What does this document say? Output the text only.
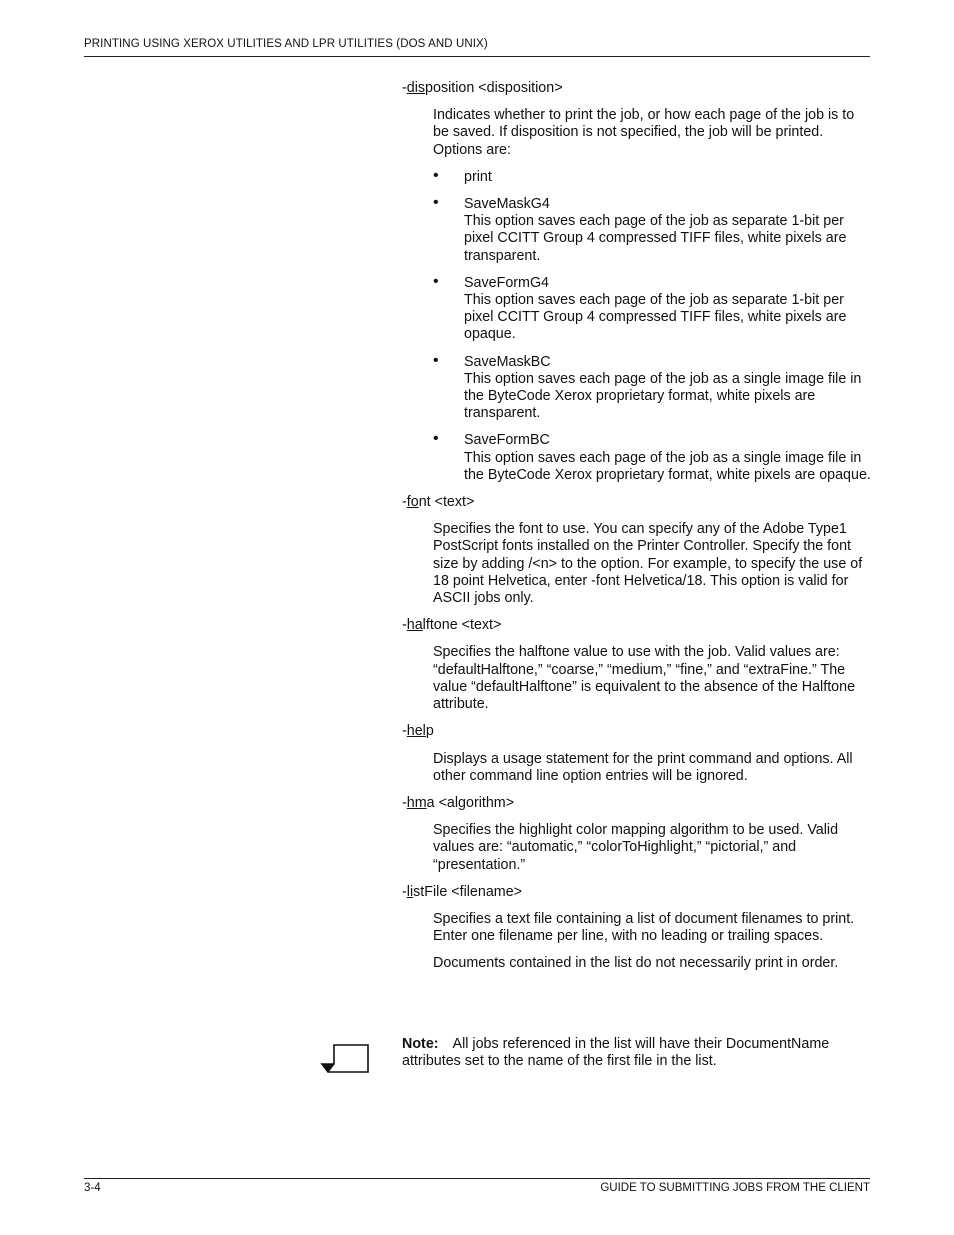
PRINTING USING XEROX UTILITIES AND LPR UTILITIES (DOS AND UNIX)
-disposition <disposition>
Indicates whether to print the job, or how each page of the job is to be saved. If disposition is not specified, the job will be printed. Options are:
• print
• SaveMaskG4
This option saves each page of the job as separate 1-bit per pixel CCITT Group 4 compressed TIFF files, white pixels are transparent.
• SaveFormG4
This option saves each page of the job as separate 1-bit per pixel CCITT Group 4 compressed TIFF files, white pixels are opaque.
• SaveMaskBC
This option saves each page of the job as a single image file in the ByteCode Xerox proprietary format, white pixels are transparent.
• SaveFormBC
This option saves each page of the job as a single image file in the ByteCode Xerox proprietary format, white pixels are opaque.
-font <text>
Specifies the font to use. You can specify any of the Adobe Type1 PostScript fonts installed on the Printer Controller. Specify the font size by adding /<n> to the option. For example, to specify the use of 18 point Helvetica, enter -font Helvetica/18. This option is valid for ASCII jobs only.
-halftone <text>
Specifies the halftone value to use with the job. Valid values are: “defaultHalftone,” “coarse,” “medium,” “fine,” and “extraFine.” The value “defaultHalftone” is equivalent to the absence of the Halftone attribute.
-help
Displays a usage statement for the print command and options. All other command line option entries will be ignored.
-hma <algorithm>
Specifies the highlight color mapping algorithm to be used. Valid values are: “automatic,” “colorToHighlight,” “pictorial,” and “presentation.”
-listFile <filename>
Specifies a text file containing a list of document filenames to print. Enter one filename per line, with no leading or trailing spaces.
Documents contained in the list do not necessarily print in order.
Note: All jobs referenced in the list will have their DocumentName attributes set to the name of the first file in the list.
3-4	GUIDE TO SUBMITTING JOBS FROM THE CLIENT
